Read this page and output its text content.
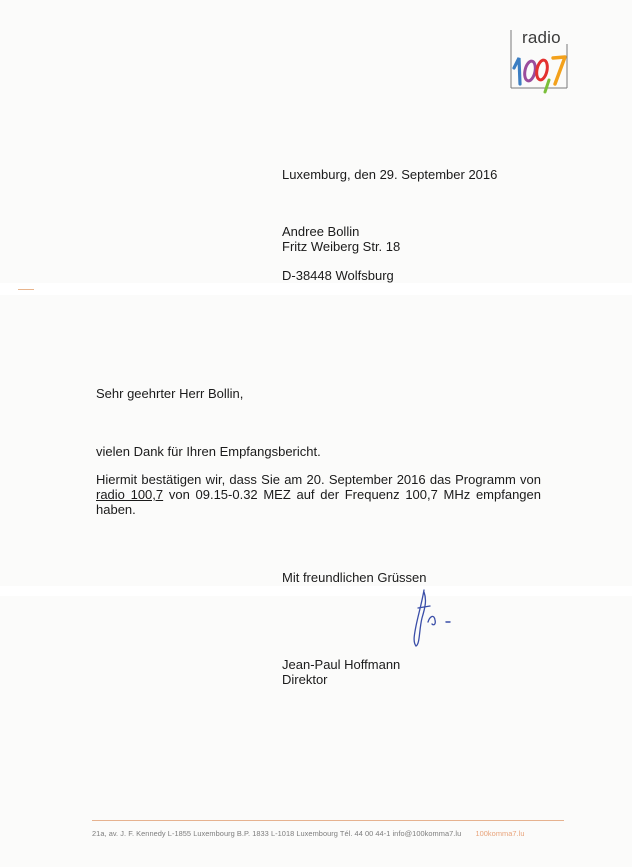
radio
Luxemburg, den 29. September 2016
Andree Bollin
Fritz Weiberg Str. 18
D-38448 Wolfsburg
Sehr geehrter Herr Bollin,
vielen Dank für Ihren Empfangsbericht.

Hiermit bestätigen wir, dass Sie am 20. September 2016 das Programm von radio 100,7 von 09.15-0.32 MEZ auf der Frequenz 100,7 MHz empfangen haben.

Mit freundlichen Grüssen
Jean-Paul Hoffmann
Direktor
21a, av. J. F. Kennedy L-1855 Luxembourg B.P. 1833 L-1018 Luxembourg Tél. 44 00 44-1 info@100komma7.lu 100komma7.lu
